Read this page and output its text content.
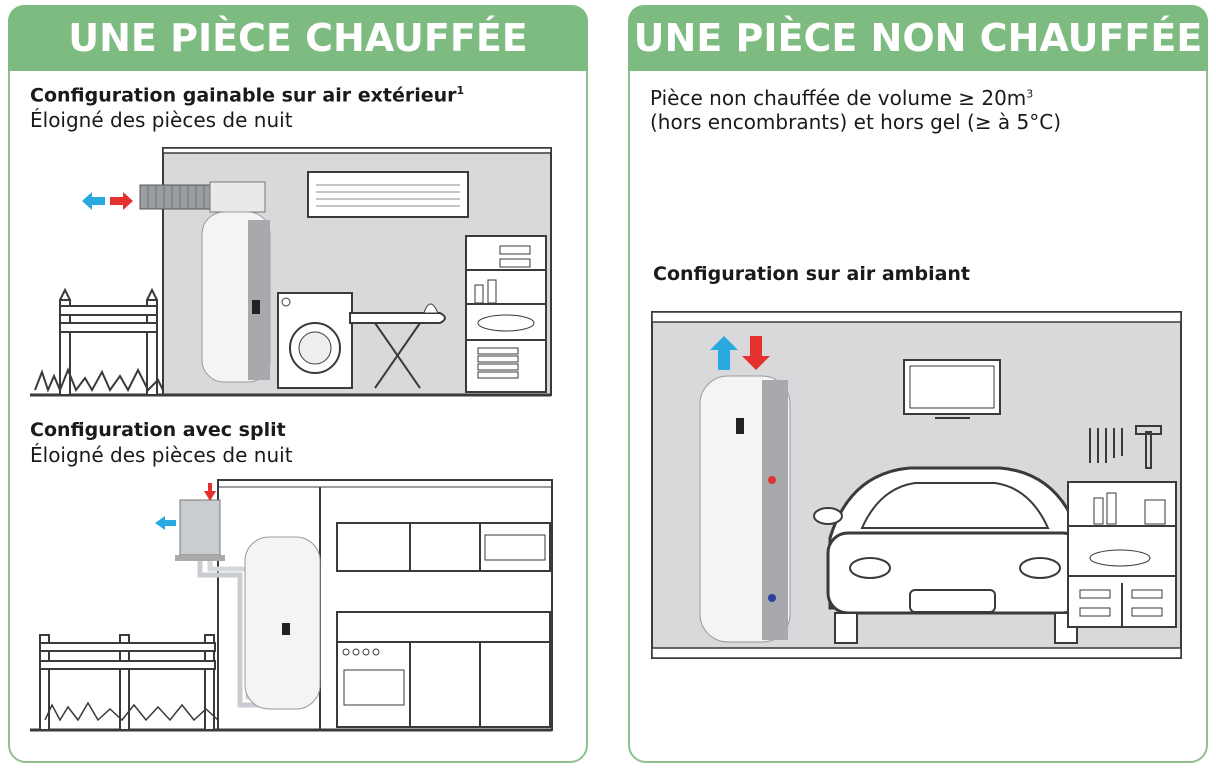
UNE PIÈCE CHAUFFÉE
Configuration gainable sur air extérieur$^1$
Éloigné des pièces de nuit
Configuration avec split
Éloigné des pièces de nuit
UNE PIÈCE NON CHAUFFÉE
Pièce non chauffée de volume ≥ $20m^3$
(hors encombrants) et hors gel (≥ à 5°C)
Configuration sur air ambiant
